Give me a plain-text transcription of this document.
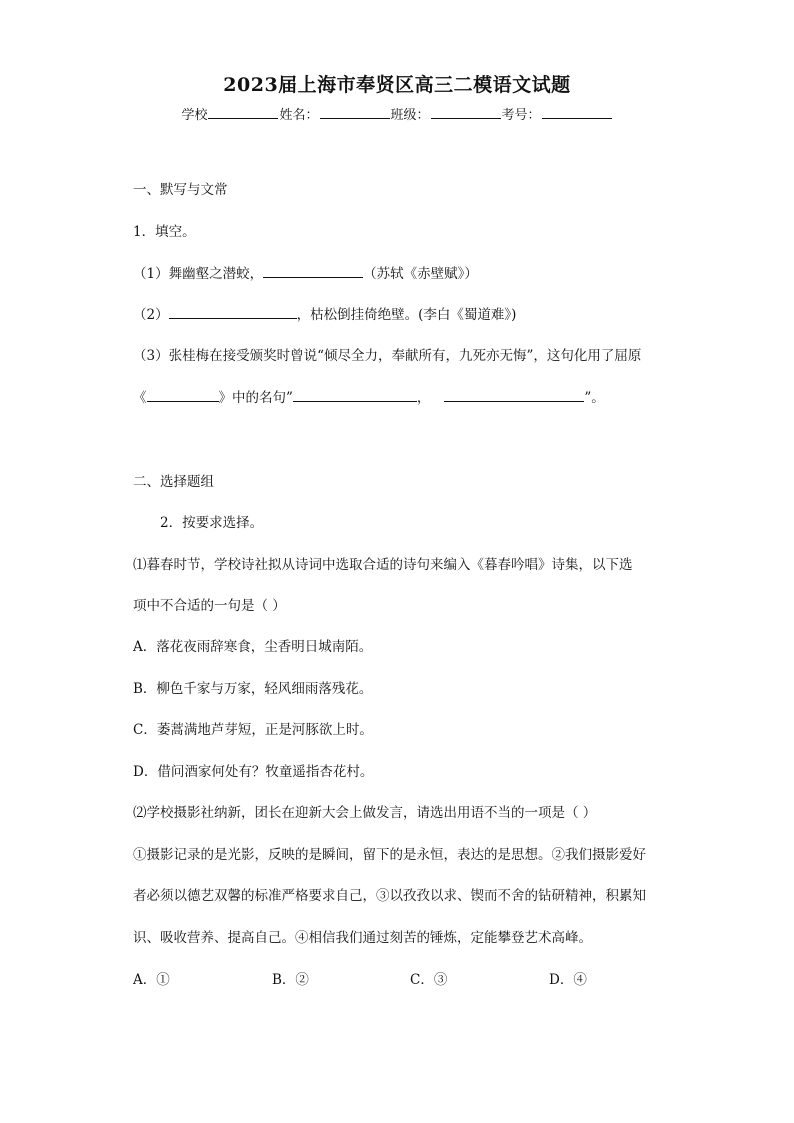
2023届上海市奉贤区高三二模语文试题
学校	姓名：	班级：	考号：
一、默写与文常
1．填空。
（1）舞幽壑之潜蛟，	（苏轼《赤壁赋》）
（2）	，枯松倒挂倚绝壁。(李白《蜀道难》)
（3）张桂梅在接受颁奖时曾说“倾尽全力，奉献所有，九死亦无悔”，这句化用了屈原
《	》中的名句”	，	”。
二、选择题组
2．按要求选择。
⑴暮春时节，学校诗社拟从诗词中选取合适的诗句来编入《暮春吟唱》诗集，以下选
项中不合适的一句是（ ）
A．落花夜雨辞寒食，尘香明日城南陌。
B．柳色千家与万家，轻风细雨落残花。
C．萎蒿满地芦芽短，正是河豚欲上时。
D．借问酒家何处有？牧童遥指杏花村。
⑵学校摄影社纳新，团长在迎新大会上做发言，请选出用语不当的一项是（ ）
①摄影记录的是光影，反映的是瞬间，留下的是永恒，表达的是思想。②我们摄影爱好
者必须以德艺双馨的标准严格要求自己，③以孜孜以求、锲而不舍的钻研精神，积累知
识、吸收营养、提高自己。④相信我们通过刻苦的锤炼，定能攀登艺术高峰。
A．①	B．②	C．③	D．④
